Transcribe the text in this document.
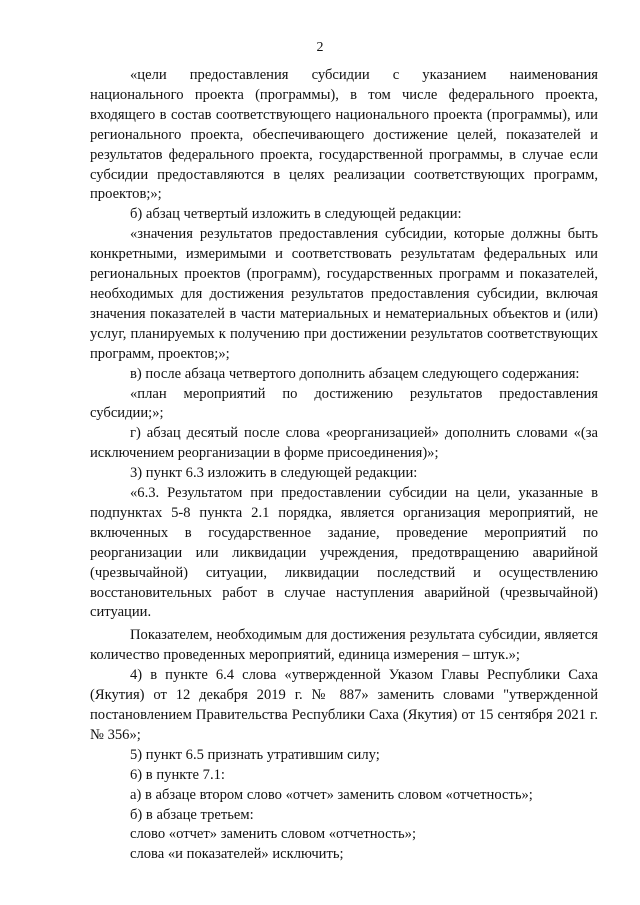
2

«цели предоставления субсидии с указанием наименования национального проекта (программы), в том числе федерального проекта, входящего в состав соответствующего национального проекта (программы), или регионального проекта, обеспечивающего достижение целей, показателей и результатов федерального проекта, государственной программы, в случае если субсидии предоставляются в целях реализации соответствующих программ, проектов;»;

б) абзац четвертый изложить в следующей редакции:

«значения результатов предоставления субсидии, которые должны быть конкретными, измеримыми и соответствовать результатам федеральных или региональных проектов (программ), государственных программ и показателей, необходимых для достижения результатов предоставления субсидии, включая значения показателей в части материальных и нематериальных объектов и (или) услуг, планируемых к получению при достижении результатов соответствующих программ, проектов;»;

в) после абзаца четвертого дополнить абзацем следующего содержания:

«план мероприятий по достижению результатов предоставления субсидии;»;

г) абзац десятый после слова «реорганизацией» дополнить словами «(за исключением реорганизации в форме присоединения)»;

3) пункт 6.3 изложить в следующей редакции:

«6.3. Результатом при предоставлении субсидии на цели, указанные в подпунктах 5-8 пункта 2.1 порядка, является организация мероприятий, не включенных в государственное задание, проведение мероприятий по реорганизации или ликвидации учреждения, предотвращению аварийной (чрезвычайной) ситуации, ликвидации последствий и осуществлению восстановительных работ в случае наступления аварийной (чрезвычайной) ситуации.

Показателем, необходимым для достижения результата субсидии, является количество проведенных мероприятий, единица измерения – штук.»;

4) в пункте 6.4 слова «утвержденной Указом Главы Республики Саха (Якутия) от 12 декабря 2019 г. № 887» заменить словами "утвержденной постановлением Правительства Республики Саха (Якутия) от 15 сентября 2021 г. № 356»;

5) пункт 6.5 признать утратившим силу;

6) в пункте 7.1:

а) в абзаце втором слово «отчет» заменить словом «отчетность»;

б) в абзаце третьем:

слово «отчет» заменить словом «отчетность»;

слова «и показателей» исключить;
